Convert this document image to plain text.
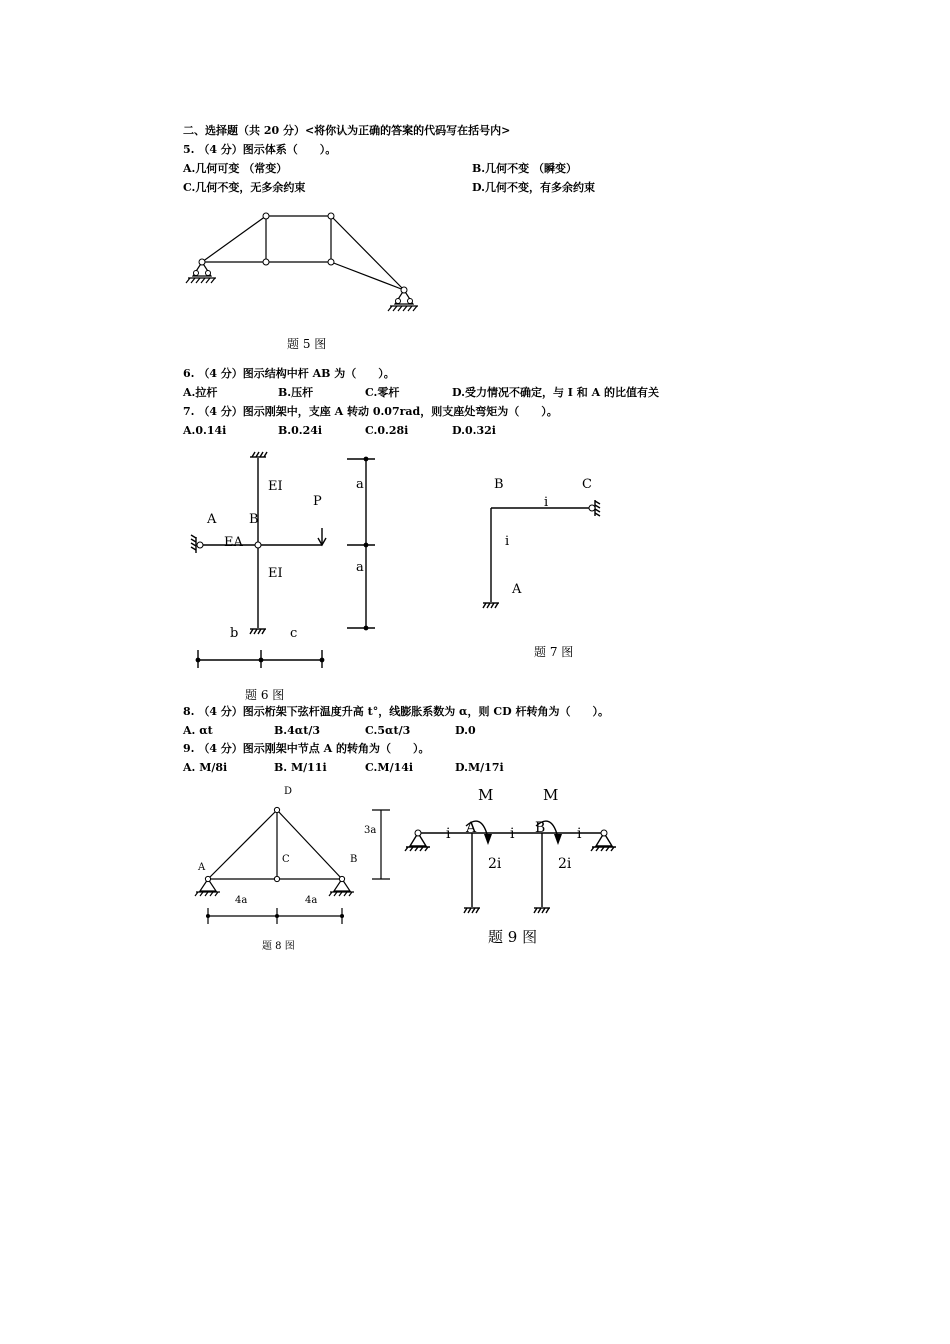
二、选择题（共 20 分）<将你认为正确的答案的代码写在括号内>
5. （4 分）图示体系（　　）。
A.几何可变 （常变）	B.几何不变 （瞬变）
C.几何不变，无多余约束	D.几何不变，有多余约束
题 5 图
6. （4 分）图示结构中杆 AB 为（　　）。
A.拉杆	B.压杆	C.零杆	D.受力情况不确定，与 I 和 A 的比值有关
7. （4 分）图示刚架中，支座 A 转动 0.07rad，则支座处弯矩为（　　）。
A.0.14i	B.0.24i	C.0.28i	D.0.32i
A	B
EA
EI
EI
P
a
a
b	c
题 6 图
B	C
i
i
A
题 7 图
8. （4 分）图示桁架下弦杆温度升高 t°，线膨胀系数为 α，则 CD 杆转角为（　　）。
A. αt	B.4αt/3	C.5αt/3	D.0
9. （4 分）图示刚架中节点 A 的转角为（　　）。
A. M/8i	B. M/11i	C.M/14i	D.M/17i
D
A
C	B
3a
4a	4a
题 8 图
M	M
i A i B i
2i	2i
题 9 图
